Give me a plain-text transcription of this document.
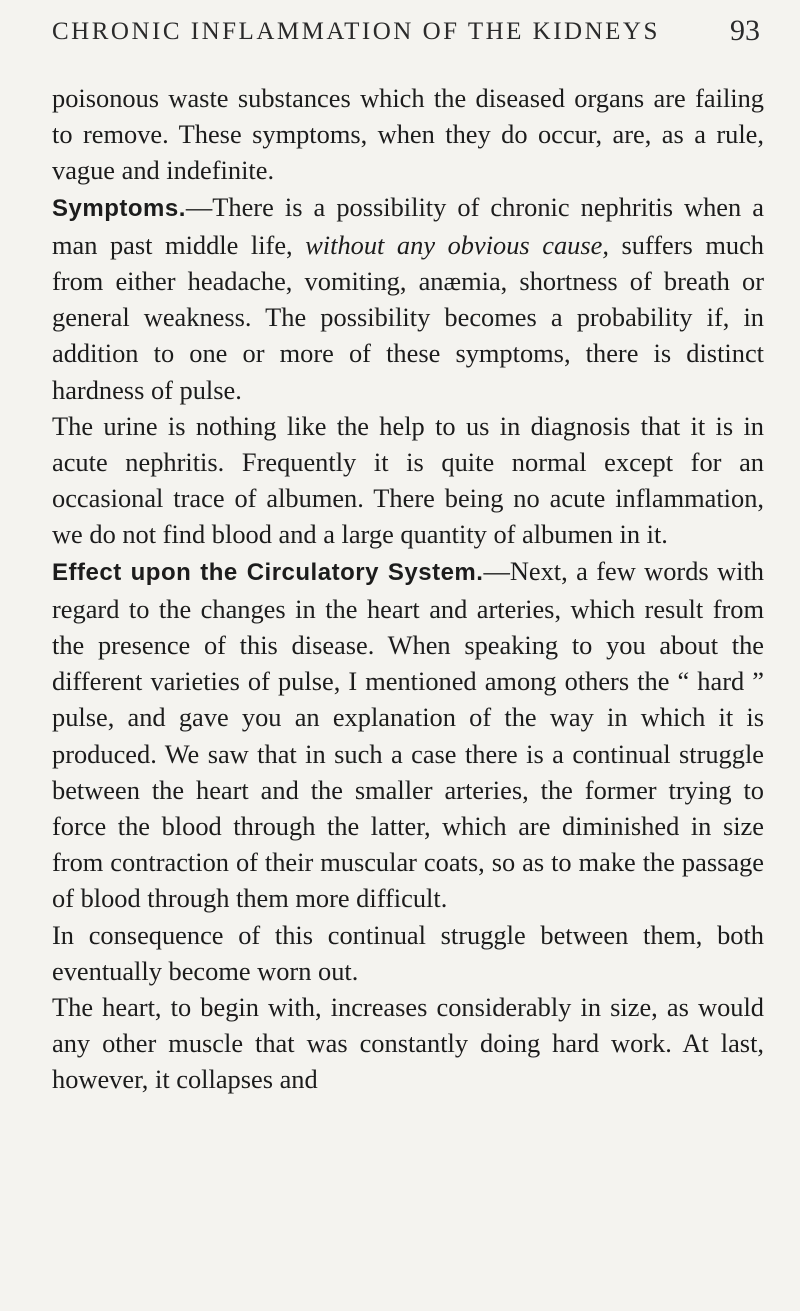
CHRONIC INFLAMMATION OF THE KIDNEYS 93

poisonous waste substances which the diseased organs are failing to remove. These symptoms, when they do occur, are, as a rule, vague and indefinite.

Symptoms.—There is a possibility of chronic nephritis when a man past middle life, without any obvious cause, suffers much from either headache, vomiting, anæmia, shortness of breath or general weakness. The possibility becomes a probability if, in addition to one or more of these symptoms, there is distinct hardness of pulse.

The urine is nothing like the help to us in diagnosis that it is in acute nephritis. Frequently it is quite normal except for an occasional trace of albumen. There being no acute inflammation, we do not find blood and a large quantity of albumen in it.

Effect upon the Circulatory System.—Next, a few words with regard to the changes in the heart and arteries, which result from the presence of this disease. When speaking to you about the different varieties of pulse, I mentioned among others the “ hard ” pulse, and gave you an explanation of the way in which it is produced. We saw that in such a case there is a continual struggle between the heart and the smaller arteries, the former trying to force the blood through the latter, which are diminished in size from contraction of their muscular coats, so as to make the passage of blood through them more difficult.

In consequence of this continual struggle between them, both eventually become worn out.

The heart, to begin with, increases considerably in size, as would any other muscle that was constantly doing hard work. At last, however, it collapses and
